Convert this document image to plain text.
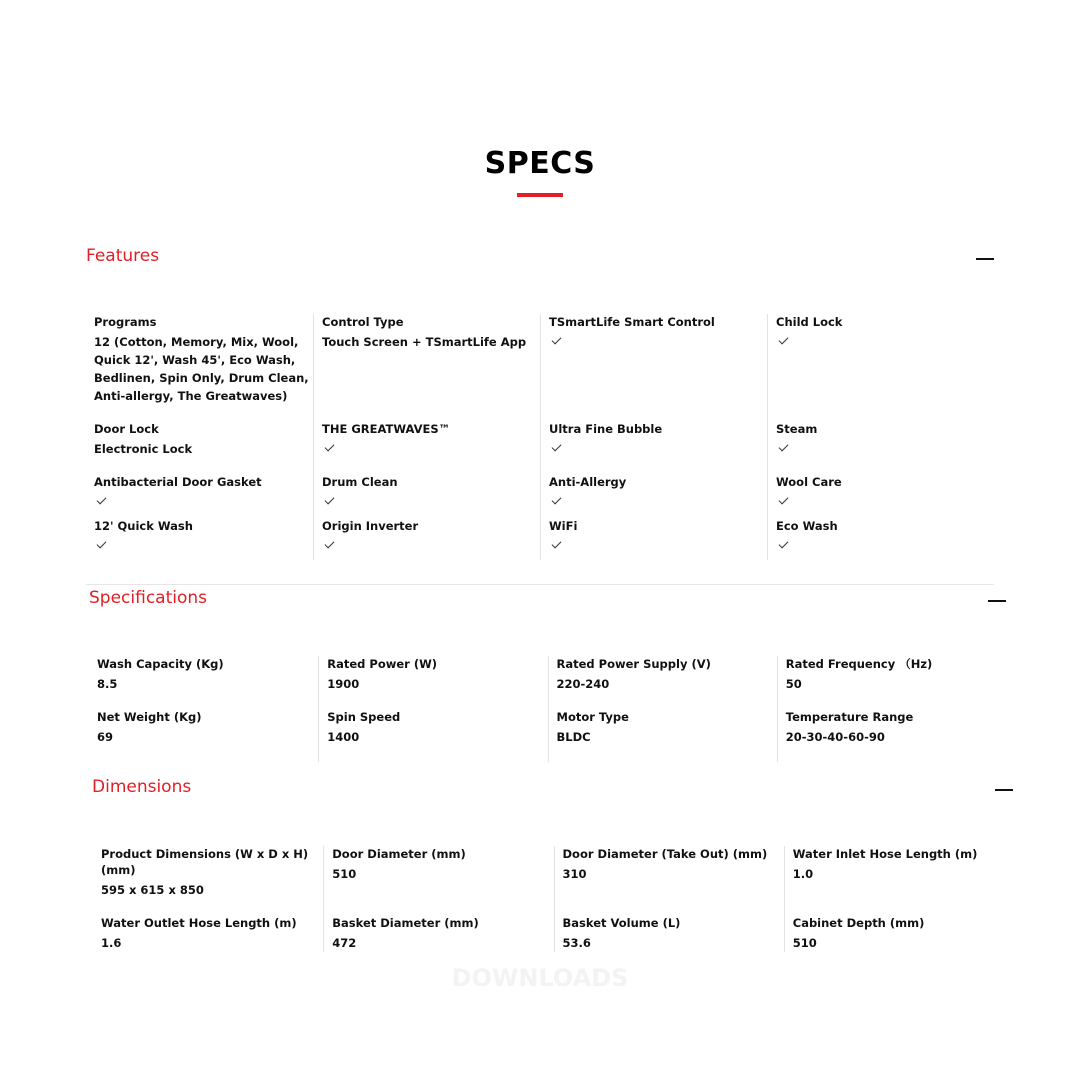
SPECS
Features
Programs
12 (Cotton, Memory, Mix, Wool, Quick 12', Wash 45', Eco Wash, Bedlinen, Spin Only, Drum Clean, Anti-allergy, The Greatwaves)
Door Lock
Electronic Lock
Antibacterial Door Gasket
12' Quick Wash
Control Type
Touch Screen + TSmartLife App
THE GREATWAVES™
Drum Clean
Origin Inverter
TSmartLife Smart Control
Ultra Fine Bubble
Anti-Allergy
WiFi
Child Lock
Steam
Wool Care
Eco Wash
Specifications
Wash Capacity (Kg)
8.5
Net Weight (Kg)
69
Rated Power (W)
1900
Spin Speed
1400
Rated Power Supply (V)
220-240
Motor Type
BLDC
Rated Frequency （Hz)
50
Temperature Range
20-30-40-60-90
Dimensions
Product Dimensions (W x D x H) (mm)
595 x 615 x 850
Water Outlet Hose Length (m)
1.6
Door Diameter (mm)
510
Basket Diameter (mm)
472
Door Diameter (Take Out) (mm)
310
Basket Volume (L)
53.6
Water Inlet Hose Length (m)
1.0
Cabinet Depth (mm)
510
DOWNLOADS
